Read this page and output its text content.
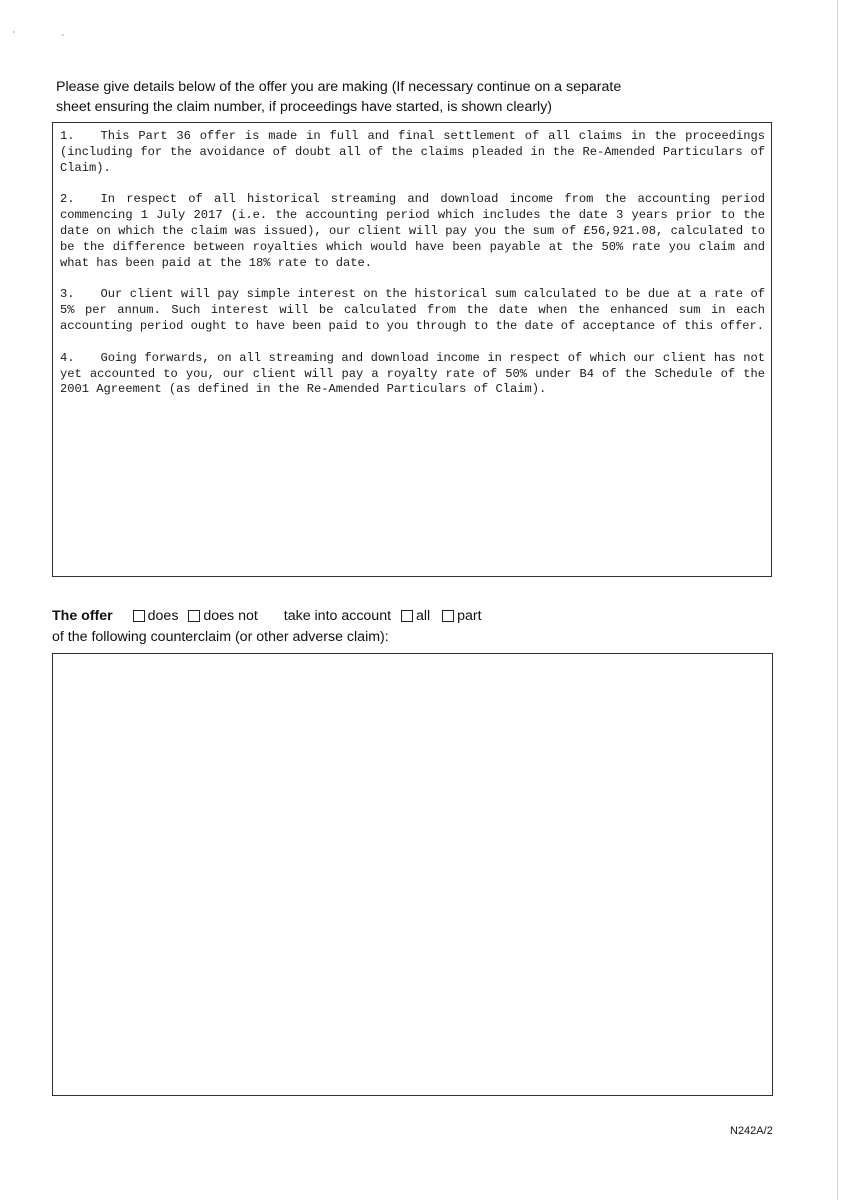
Please give details below of the offer you are making (If necessary continue on a separate
sheet ensuring the claim number, if proceedings have started, is shown clearly)

1. This Part 36 offer is made in full and final settlement of all claims in the proceedings (including for the avoidance of doubt all of the claims pleaded in the Re-Amended Particulars of Claim).

2. In respect of all historical streaming and download income from the accounting period commencing 1 July 2017 (i.e. the accounting period which includes the date 3 years prior to the date on which the claim was issued), our client will pay you the sum of £56,921.08, calculated to be the difference between royalties which would have been payable at the 50% rate you claim and what has been paid at the 18% rate to date.

3. Our client will pay simple interest on the historical sum calculated to be due at a rate of 5% per annum. Such interest will be calculated from the date when the enhanced sum in each accounting period ought to have been paid to you through to the date of acceptance of this offer.

4. Going forwards, on all streaming and download income in respect of which our client has not yet accounted to you, our client will pay a royalty rate of 50% under B4 of the Schedule of the 2001 Agreement (as defined in the Re-Amended Particulars of Claim).

The offer does does not take into account all part
of the following counterclaim (or other adverse claim):
N242A/2
